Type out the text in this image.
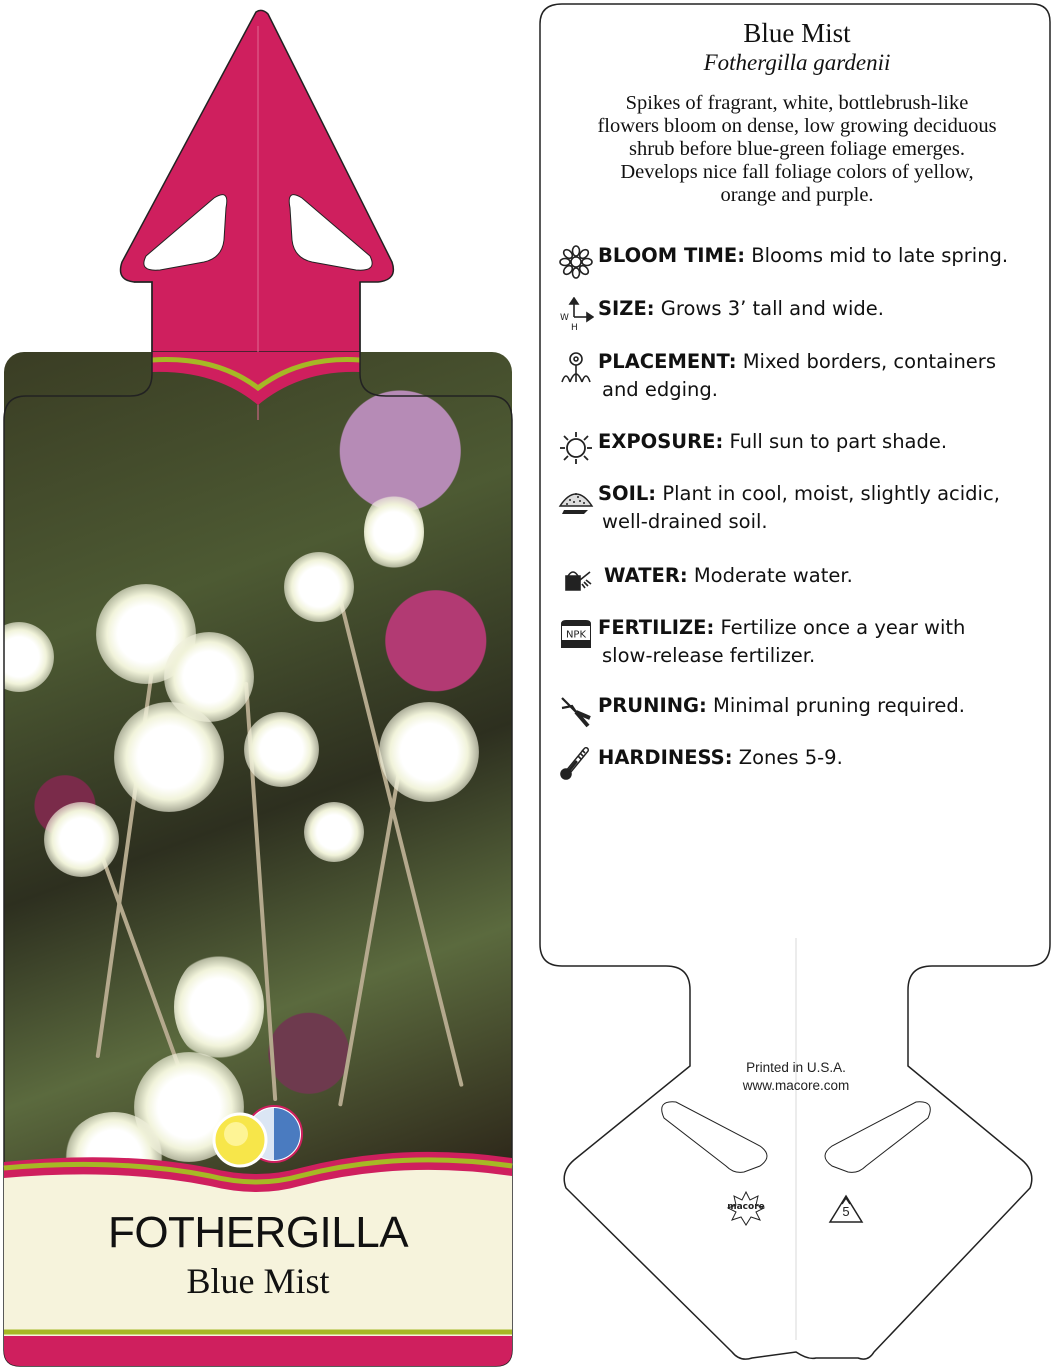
FOTHERGILLA
Blue Mist
macore	5
Blue Mist
Fothergilla gardenii
Spikes of fragrant, white, bottlebrush-like
flowers bloom on dense, low growing deciduous
shrub before blue-green foliage emerges.
Develops nice fall foliage colors of yellow,
orange and purple.
BLOOM TIME: Blooms mid to late spring.
W
H
SIZE: Grows 3’ tall and wide.
PLACEMENT: Mixed borders, containers
and edging.
EXPOSURE: Full sun to part shade.
SOIL: Plant in cool, moist, slightly acidic,
well-drained soil.
WATER: Moderate water.
NPK FERTILIZE: Fertilize once a year with
slow-release fertilizer.
PRUNING: Minimal pruning required.
HARDINESS: Zones 5-9.
Printed in U.S.A.
www.macore.com
